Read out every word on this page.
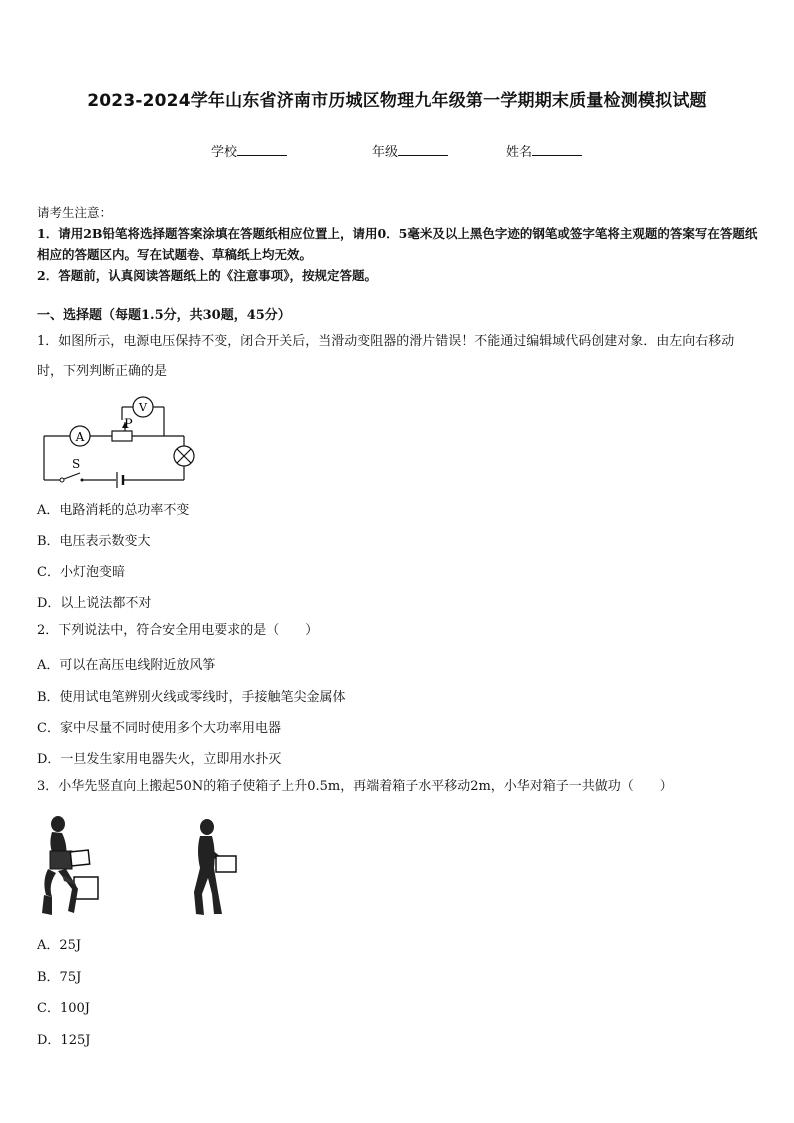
2023-2024学年山东省济南市历城区物理九年级第一学期期末质量检测模拟试题
学校	年级	姓名
请考生注意：
1．请用2B铅笔将选择题答案涂填在答题纸相应位置上，请用0．5毫米及以上黑色字迹的钢笔或签字笔将主观题的答案写在答题纸相应的答题区内。写在试题卷、草稿纸上均无效。
2．答题前，认真阅读答题纸上的《注意事项》，按规定答题。
一、选择题（每题1.5分，共30题，45分）
1．如图所示，电源电压保持不变，闭合开关后，当滑动变阻器的滑片错误！不能通过编辑域代码创建对象．由左向右移动时，下列判断正确的是
A
V
P
S
A．电路消耗的总功率不变
B．电压表示数变大
C．小灯泡变暗
D．以上说法都不对
2．下列说法中，符合安全用电要求的是（　　）
A．可以在高压电线附近放风筝
B．使用试电笔辨别火线或零线时，手接触笔尖金属体
C．家中尽量不同时使用多个大功率用电器
D．一旦发生家用电器失火，立即用水扑灭
3．小华先竖直向上搬起50N的箱子使箱子上升0.5m，再端着箱子水平移动2m，小华对箱子一共做功（　　）
A．25J
B．75J
C．100J
D．125J
